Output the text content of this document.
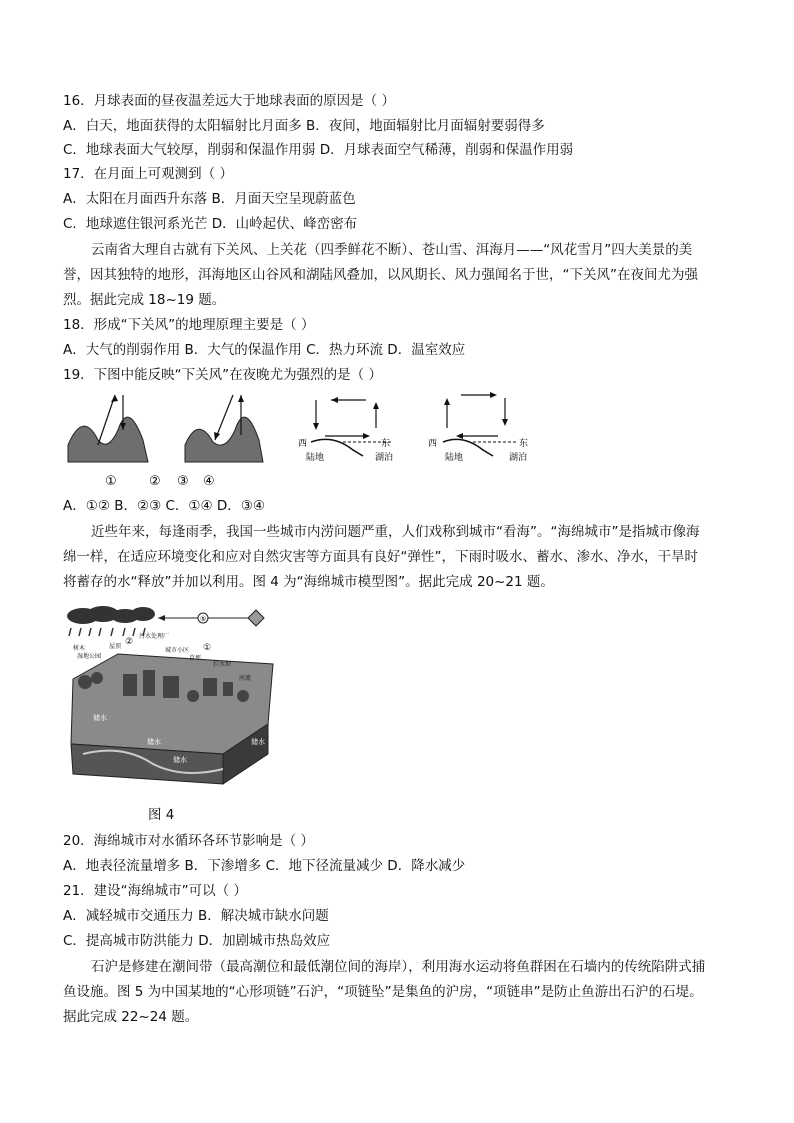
16．月球表面的昼夜温差远大于地球表面的原因是（ ）
A．白天，地面获得的太阳辐射比月面多 B．夜间，地面辐射比月面辐射要弱得多
C．地球表面大气较厚，削弱和保温作用弱 D．月球表面空气稀薄，削弱和保温作用弱
17．在月面上可观测到（ ）
A．太阳在月面西升东落 B．月面天空呈现蔚蓝色
C．地球遮住银河系光芒 D．山岭起伏、峰峦密布
云南省大理自古就有下关风、上关花（四季鲜花不断）、苍山雪、洱海月——“风花雪月”四大美景的美
誉，因其独特的地形，洱海地区山谷风和湖陆风叠加，以风期长、风力强闻名于世，“下关风”在夜间尤为强
烈。据此完成 18~19 题。
18．形成“下关风”的地理原理主要是（ ）
A．大气的削弱作用 B．大气的保温作用 C．热力环流 D．温室效应
19．下图中能反映“下关风”在夜晚尤为强烈的是（ ）
西	东
陆地	湖泊
西	东
陆地	湖泊
① ② ③ ④
A．①② B．②③ C．①④ D．③④
近些年来，每逢雨季，我国一些城市内涝问题严重，人们戏称到城市“看海”。“海绵城市”是指城市像海
绵一样，在适应环境变化和应对自然灾害等方面具有良好“弹性”，下雨时吸水、蓄水、渗水、净水，干旱时
将蓄存的水“释放”并加以利用。图 4 为“海绵城市模型图”。据此完成 20~21 题。
⑤
树木
湿地公园
屋顶
污水处理厂
城市小区
草坪
拦水坝
河流
储水
储水
储水
储水
②
①
图 4
20．海绵城市对水循环各环节影响是（ ）
A．地表径流量增多 B．下渗增多 C．地下径流量减少 D．降水减少
21．建设“海绵城市”可以（ ）
A．减轻城市交通压力 B．解决城市缺水问题
C．提高城市防洪能力 D．加剧城市热岛效应
石沪是修建在潮间带（最高潮位和最低潮位间的海岸），利用海水运动将鱼群困在石墙内的传统陷阱式捕
鱼设施。图 5 为中国某地的“心形项链”石沪，“项链坠”是集鱼的沪房，“项链串”是防止鱼游出石沪的石堤。
据此完成 22~24 题。
